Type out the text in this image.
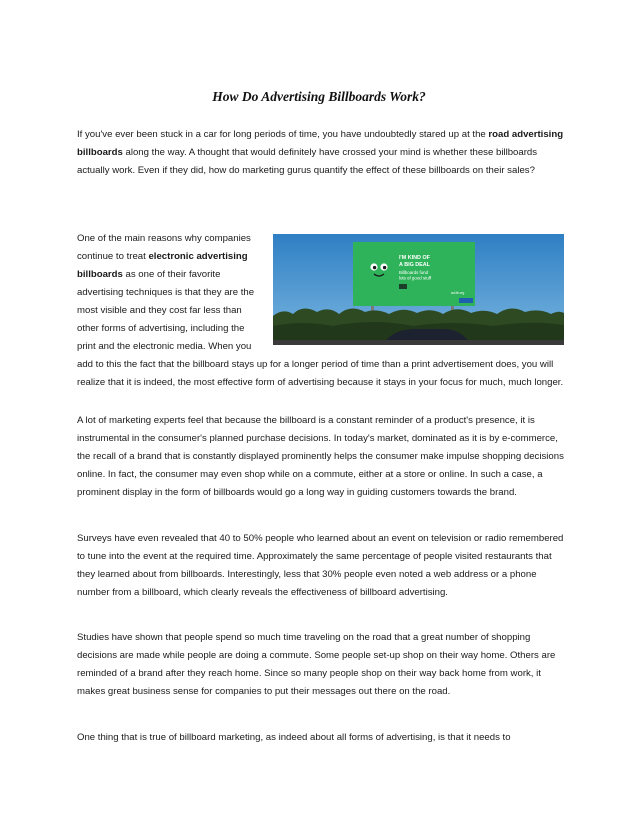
How Do Advertising Billboards Work?

If you've ever been stuck in a car for long periods of time, you have undoubtedly stared up at the road advertising billboards along the way. A thought that would definitely have crossed your mind is whether these billboards actually work. Even if they did, how do marketing gurus quantify the effect of these billboards on their sales?

One of the main reasons why companies continue to treat electronic advertising billboards as one of their favorite advertising techniques is that they are the most visible and they cost far less than other forms of advertising, including the print and the electronic media. When you
add to this the fact that the billboard stays up for a longer period of time than a print advertisement does, you will realize that it is indeed, the most effective form of advertising because it stays in your focus for much, much longer.

I'M KIND OF
A BIG DEAL
Billboards fund
lots of good stuff
ad-lib.org

A lot of marketing experts feel that because the billboard is a constant reminder of a product's presence, it is instrumental in the consumer's planned purchase decisions. In today's market, dominated as it is by e-commerce, the recall of a brand that is constantly displayed prominently helps the consumer make impulse shopping decisions online. In fact, the consumer may even shop while on a commute, either at a store or online. In such a case, a prominent display in the form of billboards would go a long way in guiding customers towards the brand.

Surveys have even revealed that 40 to 50% people who learned about an event on television or radio remembered to tune into the event at the required time. Approximately the same percentage of people visited restaurants that they learned about from billboards. Interestingly, less that 30% people even noted a web address or a phone number from a billboard, which clearly reveals the effectiveness of billboard advertising.

Studies have shown that people spend so much time traveling on the road that a great number of shopping decisions are made while people are doing a commute. Some people set-up shop on their way home. Others are reminded of a brand after they reach home. Since so many people shop on their way back home from work, it makes great business sense for companies to put their messages out there on the road.

One thing that is true of billboard marketing, as indeed about all forms of advertising, is that it needs to
